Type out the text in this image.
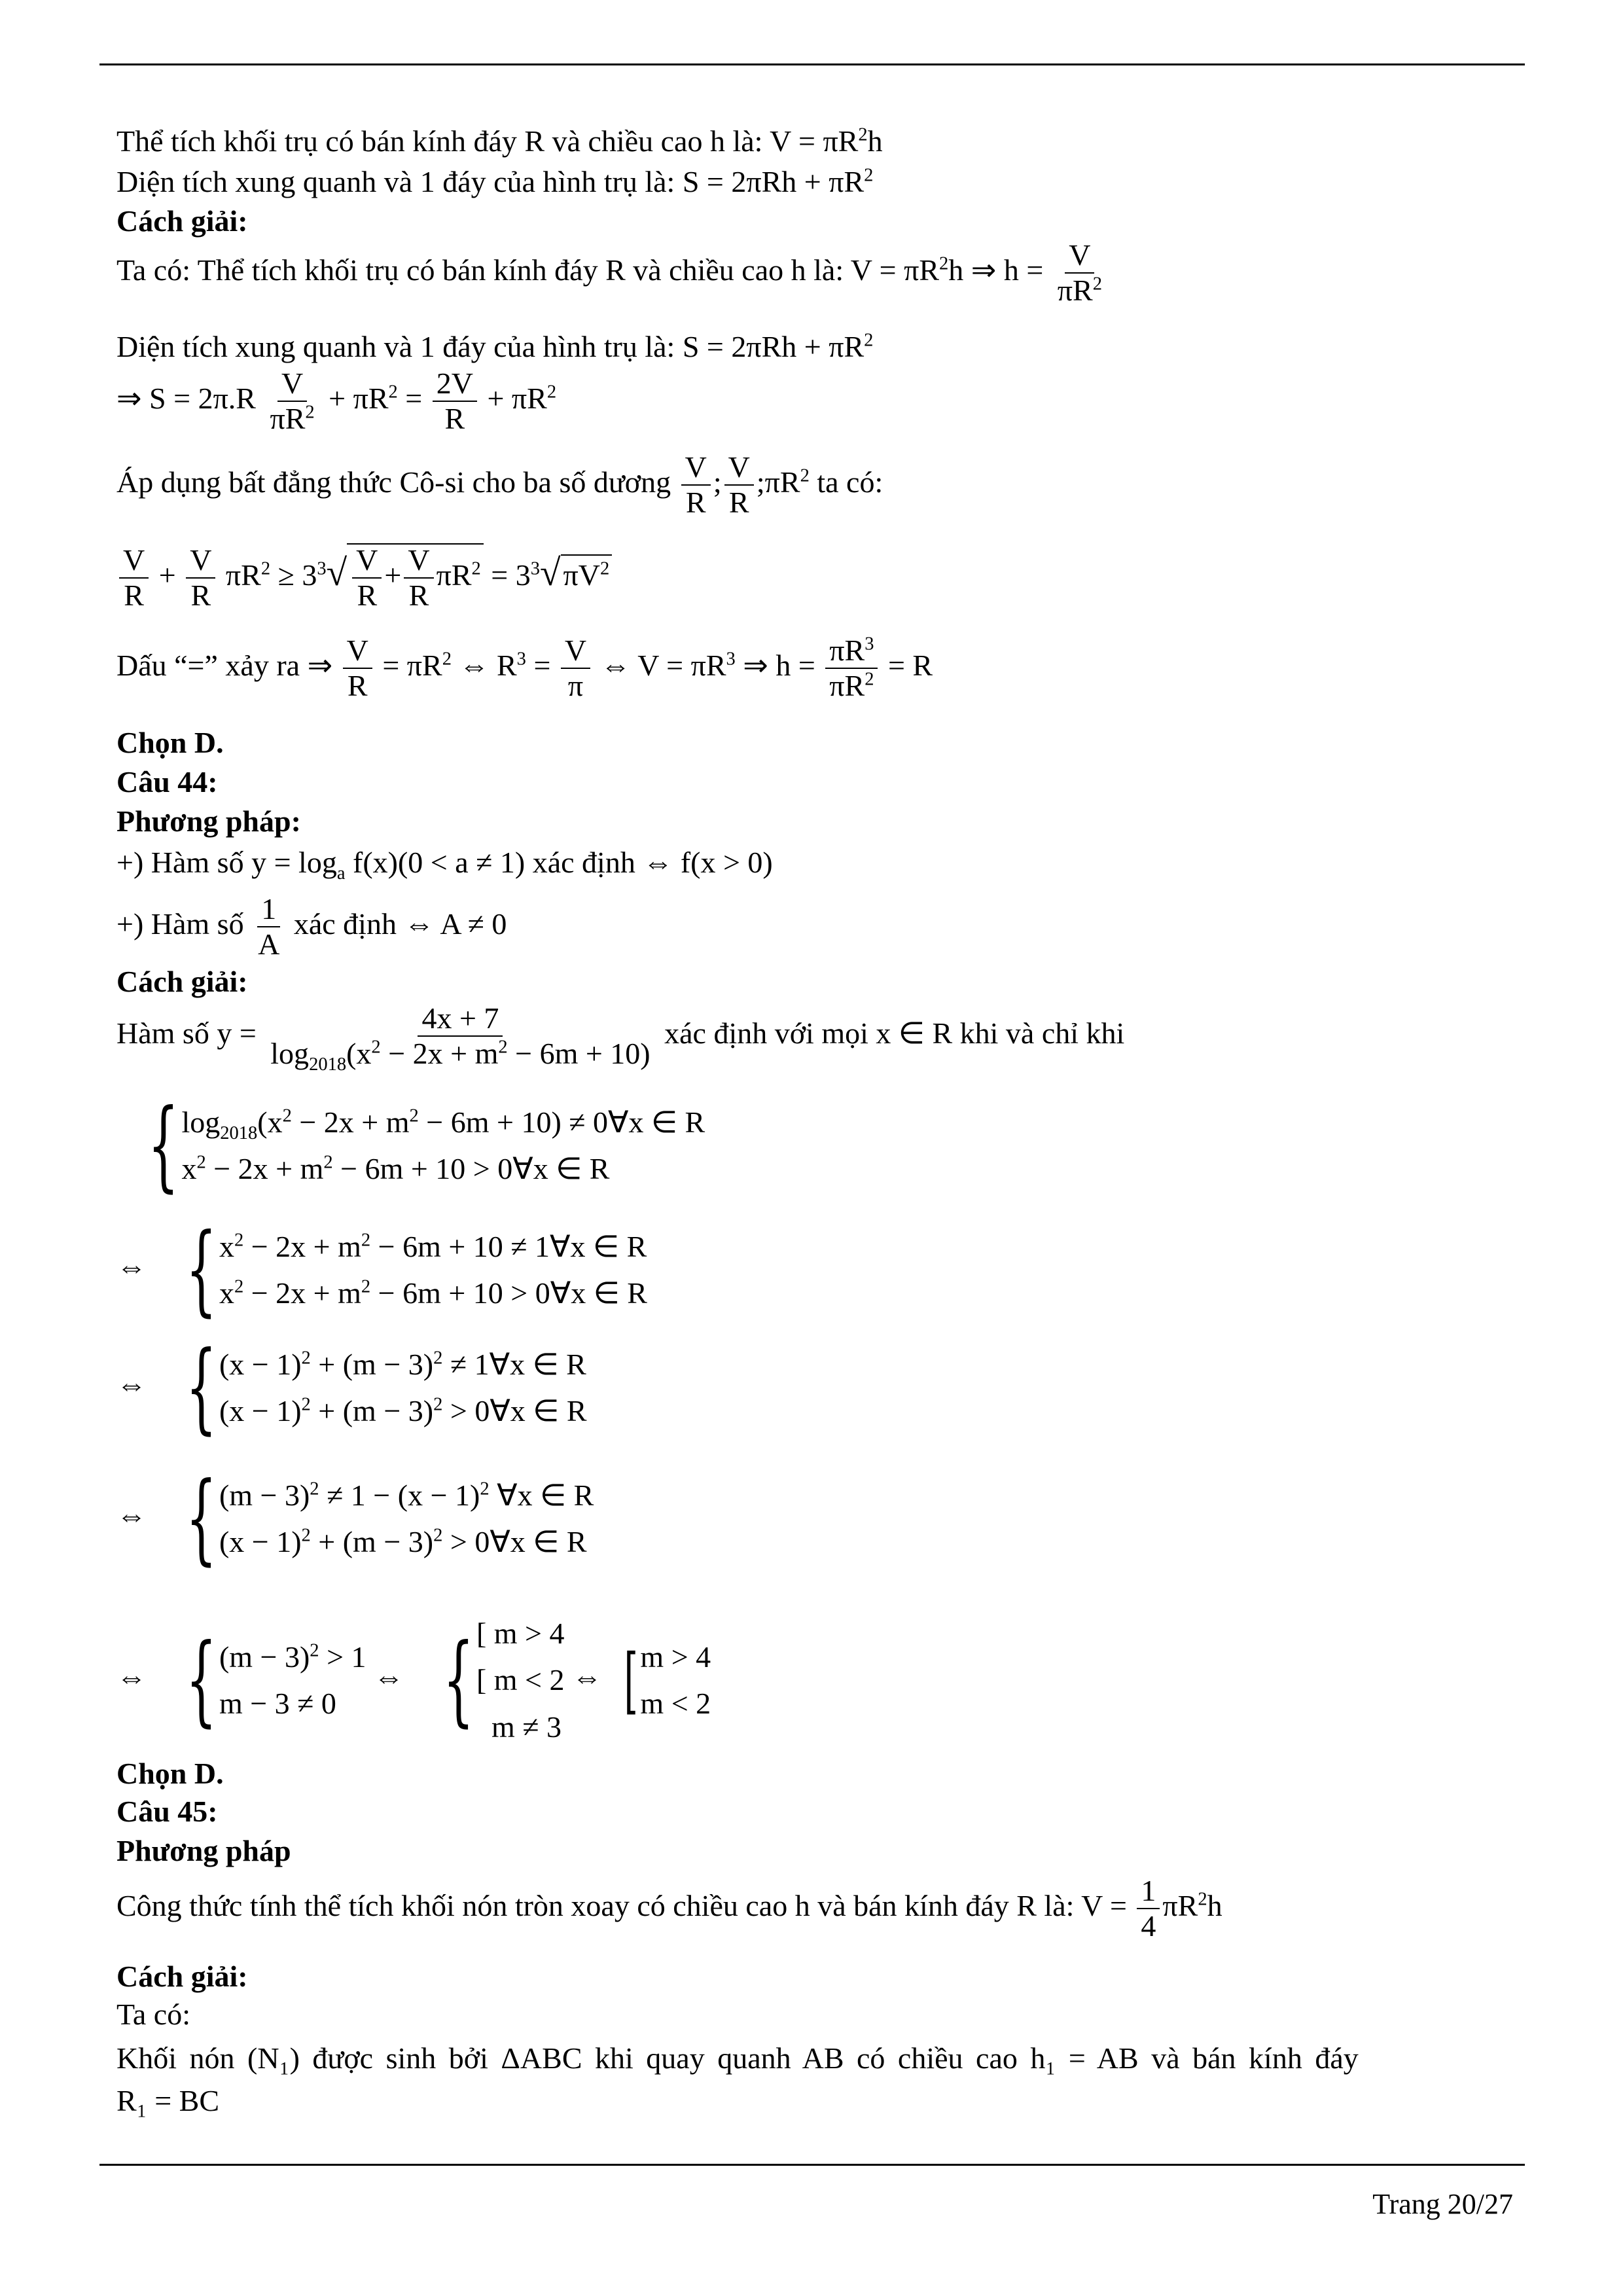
Thể tích khối trụ có bán kính đáy R và chiều cao h là: $V = \pi R^2h$
Diện tích xung quanh và 1 đáy của hình trụ là: $S = 2\pi Rh + \pi R^2$
Cách giải:
Ta có: Thể tích khối trụ có bán kính đáy R và chiều cao h là: $V = \pi R^2h$ ⇒ $h = \frac{V}{\pi R^2}$
Diện tích xung quanh và 1 đáy của hình trụ là: $S = 2\pi Rh + \pi R^2$
⇒ $S = 2\pi.R \frac{V}{\pi R^2} + \pi R^2 = \frac{2V}{R} + \pi R^2$
Áp dụng bất đẳng thức Cô-si cho ba số dương $\frac{V}{R}$ ; $\frac{V}{R}$ $;\pi R^2$ ta có:
$\frac{V}{R} + \frac{V}{R} \pi R^2 \ge 3^3√ \frac{V}{R} + \frac{V}{R} \pi R^2 = 3^3√\pi V^2$
Dấu “=” xảy ra ⇒ $\frac{V}{R} = \pi R^2$ ⇔ $R^3 = \frac{V}{\pi}$ ⇔ $V = \pi R^3$ ⇒ $h = \frac{\pi R^3}{\pi R^2} = R$
Chọn D.
Câu 44:
Phương pháp:
+) Hàm số $y = \log_a f(x)(0 < a \ne 1)$ xác định ⇔ f(x > 0)
+) Hàm số $\frac{1}{A}$ xác định ⇔ A ≠ 0
Cách giải:
Hàm số $y = \frac{4x + 7}{\log_{2018}(x^2 - 2x + m^2 - 6m + 10)}$ xác định với mọi x ∈ R khi và chỉ khi
{ $\log_{2018}(x^2 - 2x + m^2 - 6m + 10)$ ≠ 0∀x ∈ R
$x^2 - 2x + m^2 - 6m + 10$ > 0∀x ∈ R
⇔ { $x^2 - 2x + m^2 - 6m + 10$ ≠ 1∀x ∈ R
$x^2 - 2x + m^2 - 6m + 10$ > 0∀x ∈ R
⇔ { $(x - 1)^2 + (m - 3)^2$ ≠ 1∀x ∈ R
$(x - 1)^2 + (m - 3)^2$ > 0∀x ∈ R
⇔ { $(m - 3)^2 \ne 1 - (x - 1)^2$ ∀x ∈ R
$(x - 1)^2 + (m - 3)^2$ > 0∀x ∈ R
⇔ { $(m - 3)^2 > 1$
m − 3 ≠ 0
⇔ { [ m > 4
[ m < 2
m ≠ 3
⇔ [ m > 4
m < 2
Chọn D.
Câu 45:
Phương pháp
Công thức tính thể tích khối nón tròn xoay có chiều cao h và bán kính đáy R là: $V = \frac{1}{4} \pi R^2h$
Cách giải:
Ta có:
Khối nón (N₁) được sinh bởi ΔABC khi quay quanh AB có chiều cao h₁ = AB và bán kính đáy
R₁ = BC
Trang 20/27
